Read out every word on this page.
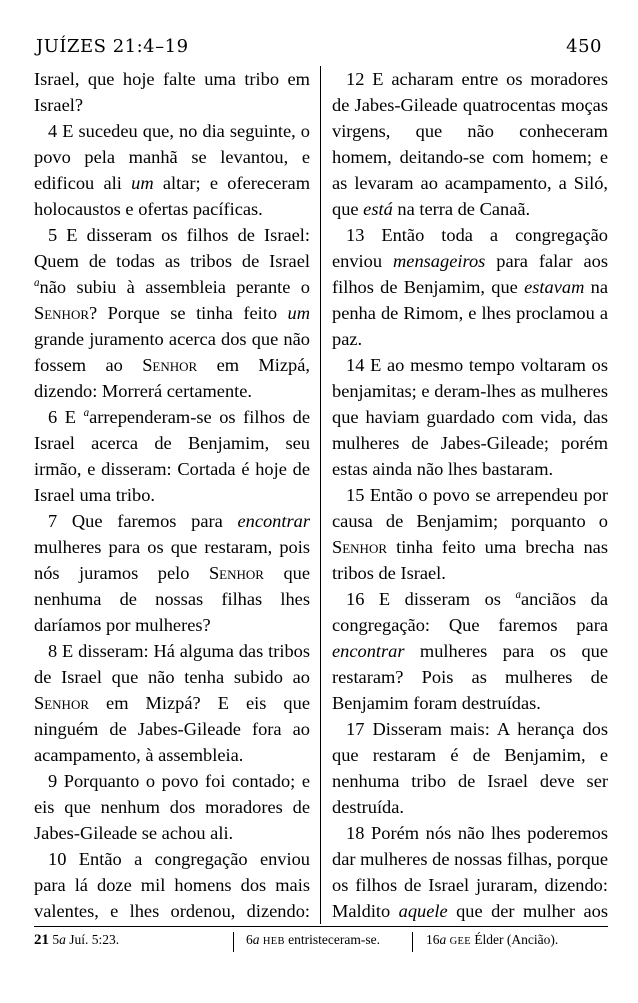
JUÍZES 21:4–19	450

Israel, que hoje falte uma tribo em Israel?

4 E sucedeu que, no dia seguinte, o povo pela manhã se levantou, e edificou ali um altar; e ofereceram holocaustos e ofertas pacíficas.

5 E disseram os filhos de Israel: Quem de todas as tribos de Israel $^a$não subiu à assembleia perante o Senhor? Porque se tinha feito um grande juramento acerca dos que não fossem ao Senhor em Mizpá, dizendo: Morrerá certamente.

6 E $^a$arrependeram-se os filhos de Israel acerca de Benjamim, seu irmão, e disseram: Cortada é hoje de Israel uma tribo.

7 Que faremos para encontrar mulheres para os que restaram, pois nós juramos pelo Senhor que nenhuma de nossas filhas lhes daríamos por mulheres?

8 E disseram: Há alguma das tribos de Israel que não tenha subido ao Senhor em Mizpá? E eis que ninguém de Jabes-Gileade fora ao acampamento, à assembleia.

9 Porquanto o povo foi contado; e eis que nenhum dos moradores de Jabes-Gileade se achou ali.

10 Então a congregação enviou para lá doze mil homens dos mais valentes, e lhes ordenou, dizendo:

12 E acharam entre os moradores de Jabes-Gileade quatrocentas moças virgens, que não conheceram homem, deitando-se com homem; e as levaram ao acampamento, a Siló, que está na terra de Canaã.

13 Então toda a congregação enviou mensageiros para falar aos filhos de Benjamim, que estavam na penha de Rimom, e lhes proclamou a paz.

14 E ao mesmo tempo voltaram os benjamitas; e deram-lhes as mulheres que haviam guardado com vida, das mulheres de Jabes-Gileade; porém estas ainda não lhes bastaram.

15 Então o povo se arrependeu por causa de Benjamim; porquanto o Senhor tinha feito uma brecha nas tribos de Israel.

16 E disseram os $^a$anciãos da congregação: Que faremos para encontrar mulheres para os que restaram? Pois as mulheres de Benjamim foram destruídas.

17 Disseram mais: A herança dos que restaram é de Benjamim, e nenhuma tribo de Israel deve ser destruída.

18 Porém nós não lhes poderemos dar mulheres de nossas filhas, porque os filhos de Israel juraram, dizendo: Maldito aquele que der mulher aos

21 5a Juí. 5:23.	6a HEB entristeceram-se.	16a GEE Élder (Ancião).
